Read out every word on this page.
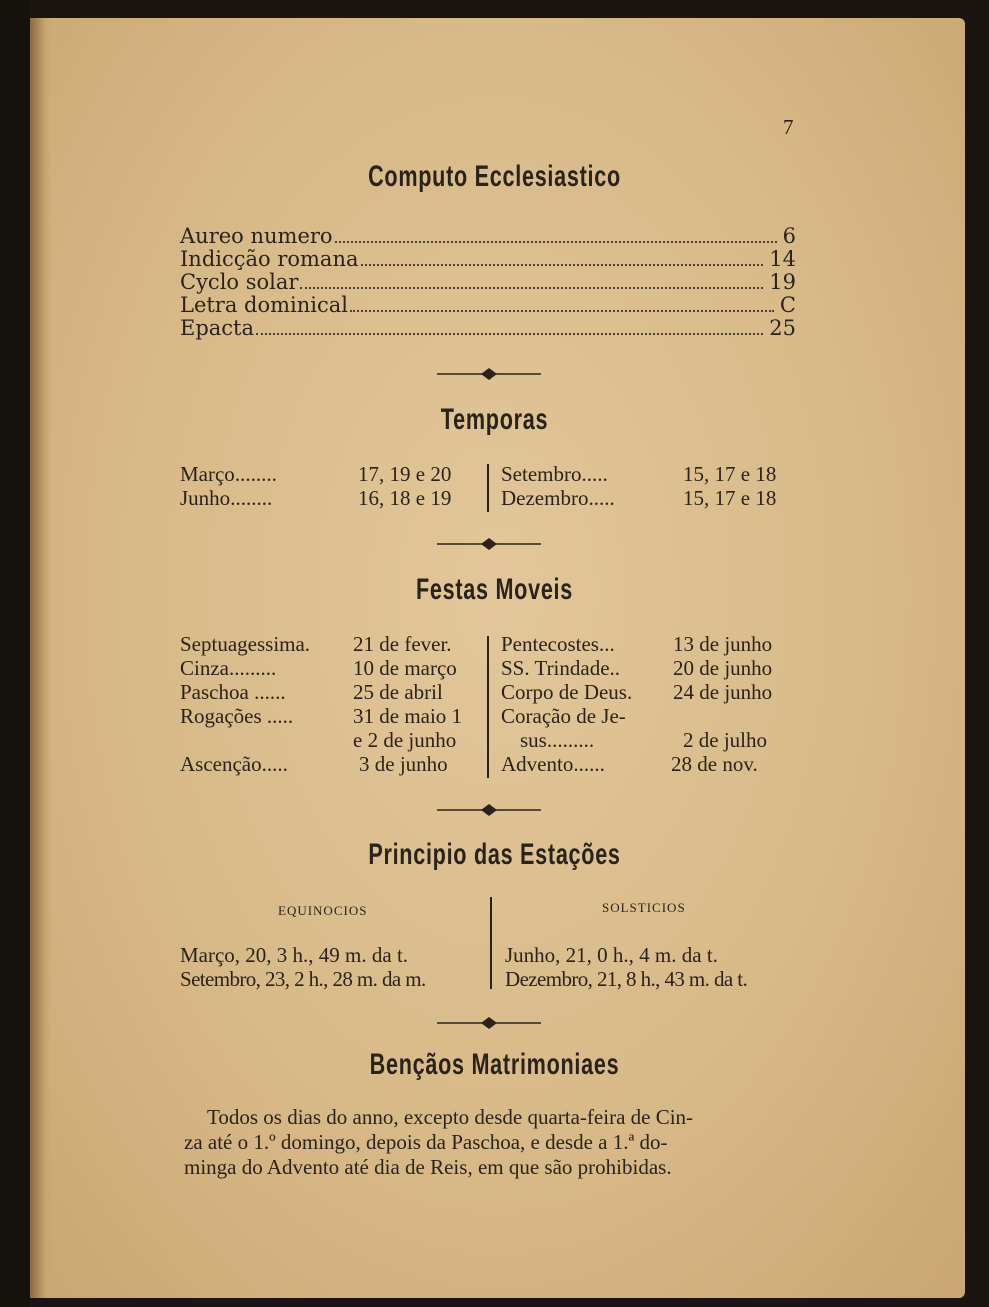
7
Computo Ecclesiastico
Aureo numero	6
Indicção romana	14
Cyclo solar	19
Letra dominical	C
Epacta	25
Temporas
Março........	17, 19 e 20
Junho........	16, 18 e 19
Setembro.....	15, 17 e 18
Dezembro.....	15, 17 e 18
Festas Moveis
Septuagessima. 21 de fever.
Cinza.........	10 de março
Paschoa ......	25 de abril
Rogações .....	31 de maio 1
e 2 de junho
Ascenção.....	3 de junho
Pentecostes...	13 de junho
SS. Trindade..	20 de junho
Corpo de Deus. 24 de junho
Coração de Je-
sus.........	2 de julho
Advento......	28 de nov.
Principio das Estações
EQUINOCIOS	SOLSTICIOS
Março, 20, 3 h., 49 m. da t.
Setembro, 23, 2 h., 28 m. da m.
Junho, 21, 0 h., 4 m. da t.
Dezembro, 21, 8 h., 43 m. da t.
Bençãos Matrimoniaes
Todos os dias do anno, excepto desde quarta-feira de Cin-
za até o 1.º domingo, depois da Paschoa, e desde a 1.ª do-
minga do Advento até dia de Reis, em que são prohibidas.
